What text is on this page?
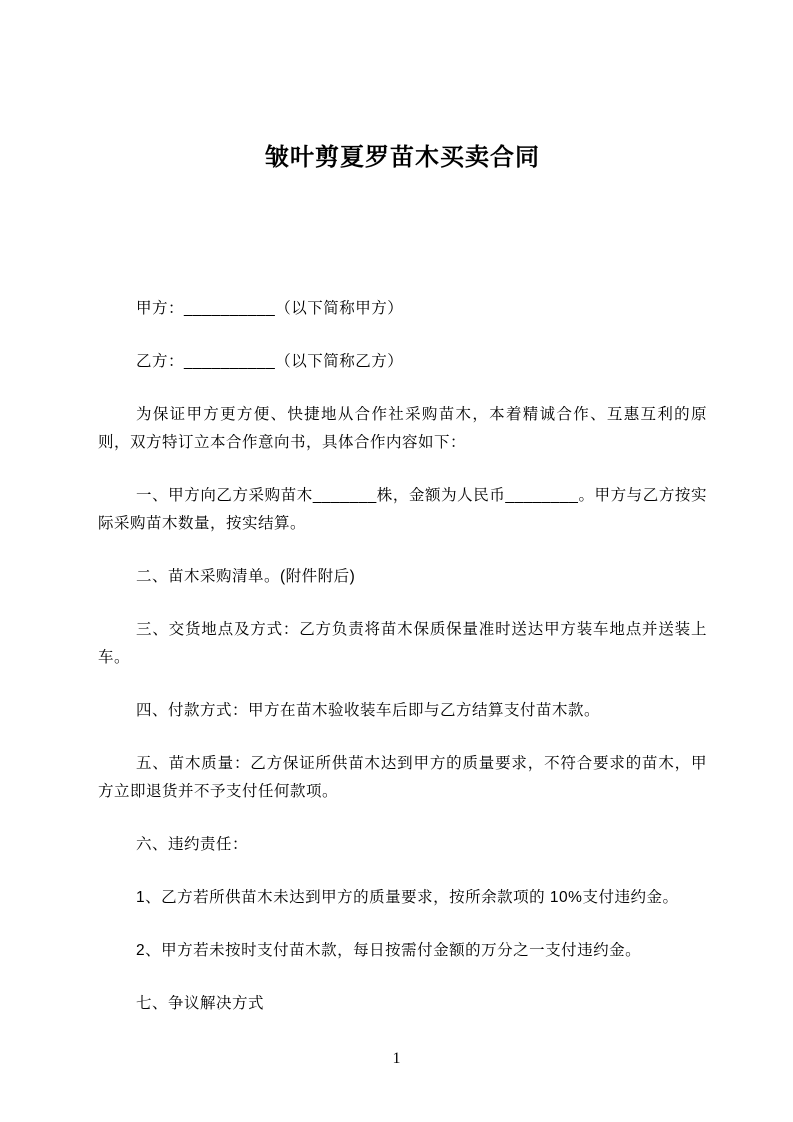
皱叶剪夏罗苗木买卖合同

甲方：__________（以下简称甲方）

乙方：__________（以下简称乙方）

为保证甲方更方便、快捷地从合作社采购苗木，本着精诚合作、互惠互利的原则，双方特订立本合作意向书，具体合作内容如下：

一、甲方向乙方采购苗木_______株，金额为人民币________。甲方与乙方按实际采购苗木数量，按实结算。

二、苗木采购清单。(附件附后)

三、交货地点及方式：乙方负责将苗木保质保量准时送达甲方装车地点并送装上车。

四、付款方式：甲方在苗木验收装车后即与乙方结算支付苗木款。

五、苗木质量：乙方保证所供苗木达到甲方的质量要求，不符合要求的苗木，甲方立即退货并不予支付任何款项。

六、违约责任：

1、乙方若所供苗木未达到甲方的质量要求，按所余款项的 10%支付违约金。

2、甲方若未按时支付苗木款，每日按需付金额的万分之一支付违约金。

七、争议解决方式

1
